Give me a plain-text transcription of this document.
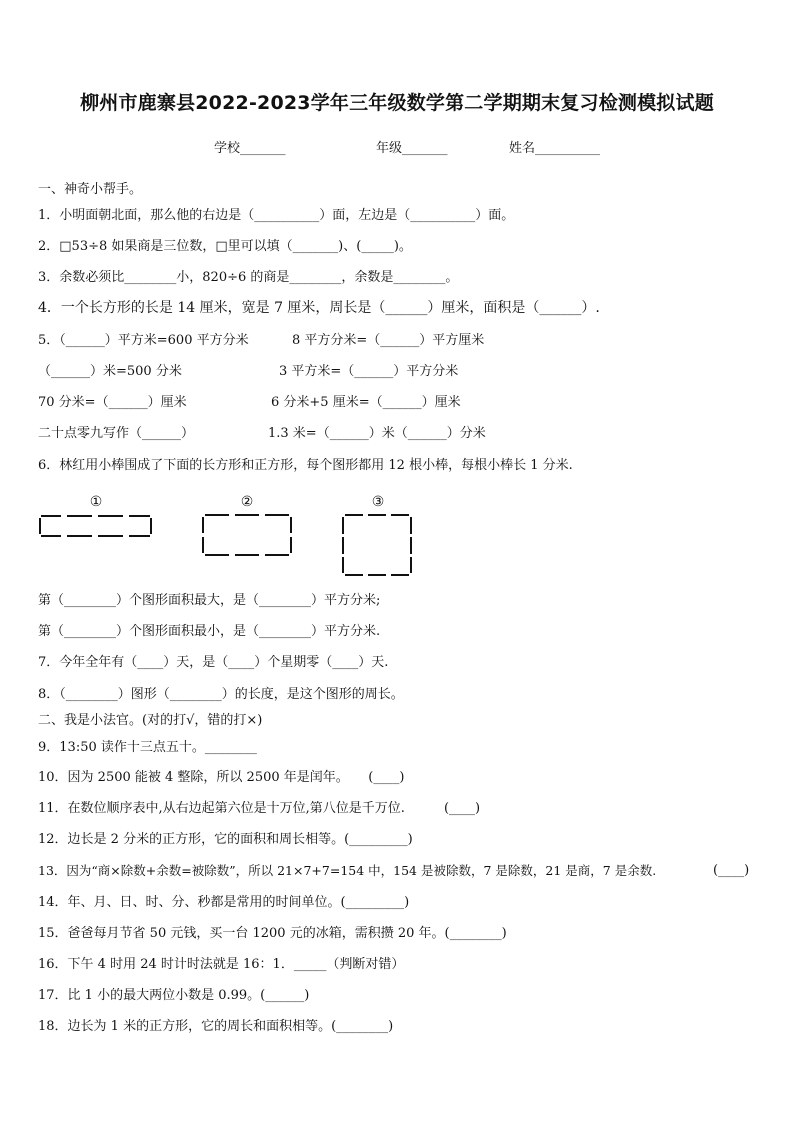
柳州市鹿寨县2022-2023学年三年级数学第二学期期末复习检测模拟试题
学校_______	年级_______	姓名__________
一、神奇小帮手。
1．小明面朝北面，那么他的右边是（__________）面，左边是（__________）面。
2．□53÷8 如果商是三位数，□里可以填（_______)、(_____)。
3．余数必须比________小，820÷6 的商是________，余数是________。
4．一个长方形的长是 14 厘米，宽是 7 厘米，周长是（______）厘米，面积是（______）.
5．（______）平方米=600 平方分米	8 平方分米=（______）平方厘米
（______）米=500 分米	3 平方米=（______）平方分米
70 分米=（______）厘米	6 分米+5 厘米=（______）厘米
二十点零九写作（______）	1.3 米=（______）米（______）分米
6．林红用小棒围成了下面的长方形和正方形，每个图形都用 12 根小棒，每根小棒长 1 分米.
①	②	③
第（________）个图形面积最大，是（________）平方分米;
第（________）个图形面积最小，是（________）平方分米.
7．今年全年有（____）天，是（____）个星期零（____）天.
8．（________）图形（________）的长度，是这个图形的周长。
二、我是小法官。(对的打√，错的打×)
9．13:50 读作十三点五十。________
10．因为 2500 能被 4 整除，所以 2500 年是闰年。　　(____)
11．在数位顺序表中,从右边起第六位是十万位,第八位是千万位.　　　(____)
12．边长是 2 分米的正方形，它的面积和周长相等。(_________)
13．因为“商×除数+余数=被除数”，所以 21×7+7=154 中，154 是被除数，7 是除数，21 是商，7 是余数.	(____)
14．年、月、日、时、分、秒都是常用的时间单位。(_________)
15．爸爸每月节省 50 元钱，买一台 1200 元的冰箱，需积攒 20 年。(________)
16．下午 4 时用 24 时计时法就是 16：1．_____（判断对错）
17．比 1 小的最大两位小数是 0.99。(______)
18．边长为 1 米的正方形，它的周长和面积相等。(________)
